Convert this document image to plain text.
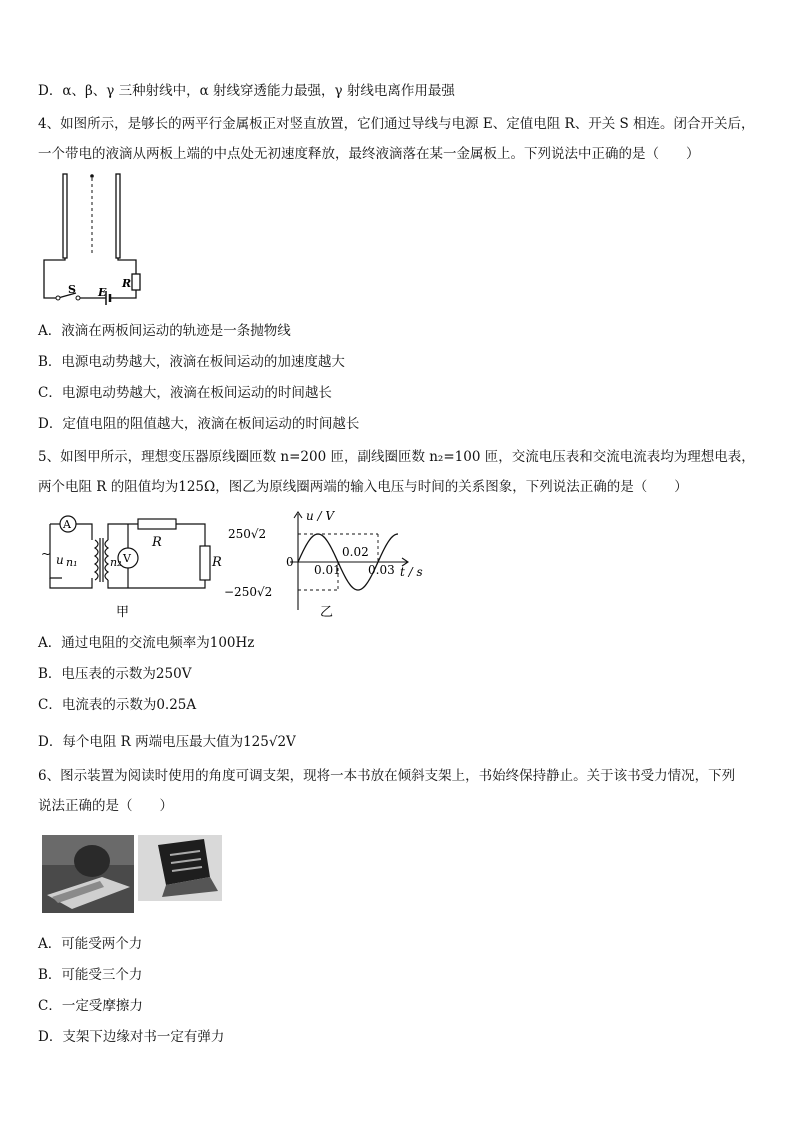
D．α、β、γ 三种射线中，α 射线穿透能力最强，γ 射线电离作用最强
4、如图所示，是够长的两平行金属板正对竖直放置，它们通过导线与电源 E、定值电阻 R、开关 S 相连。闭合开关后，
一个带电的液滴从两板上端的中点处无初速度释放，最终液滴落在某一金属板上。下列说法中正确的是（　　）
S E
R
A．液滴在两板间运动的轨迹是一条抛物线
B．电源电动势越大，液滴在板间运动的加速度越大
C．电源电动势越大，液滴在板间运动的时间越长
D．定值电阻的阻值越大，液滴在板间运动的时间越长
5、如图甲所示，理想变压器原线圈匝数 n=200 匝，副线圈匝数 n₂=100 匝，交流电压表和交流电流表均为理想电表，
两个电阻 R 的阻值均为125Ω，图乙为原线圈两端的输入电压与时间的关系图象，下列说法正确的是（　　）
A
V
~ u n₁	n₂
R
R
甲
250√2
0
−250√2
u / V
t / s
0.01
0.02
0.03
乙
A．通过电阻的交流电频率为100Hz
B．电压表的示数为250V
C．电流表的示数为0.25A
D．每个电阻 R 两端电压最大值为125√2V
6、图示装置为阅读时使用的角度可调支架，现将一本书放在倾斜支架上，书始终保持静止。关于该书受力情况，下列
说法正确的是（　　）
A．可能受两个力
B．可能受三个力
C．一定受摩擦力
D．支架下边缘对书一定有弹力
